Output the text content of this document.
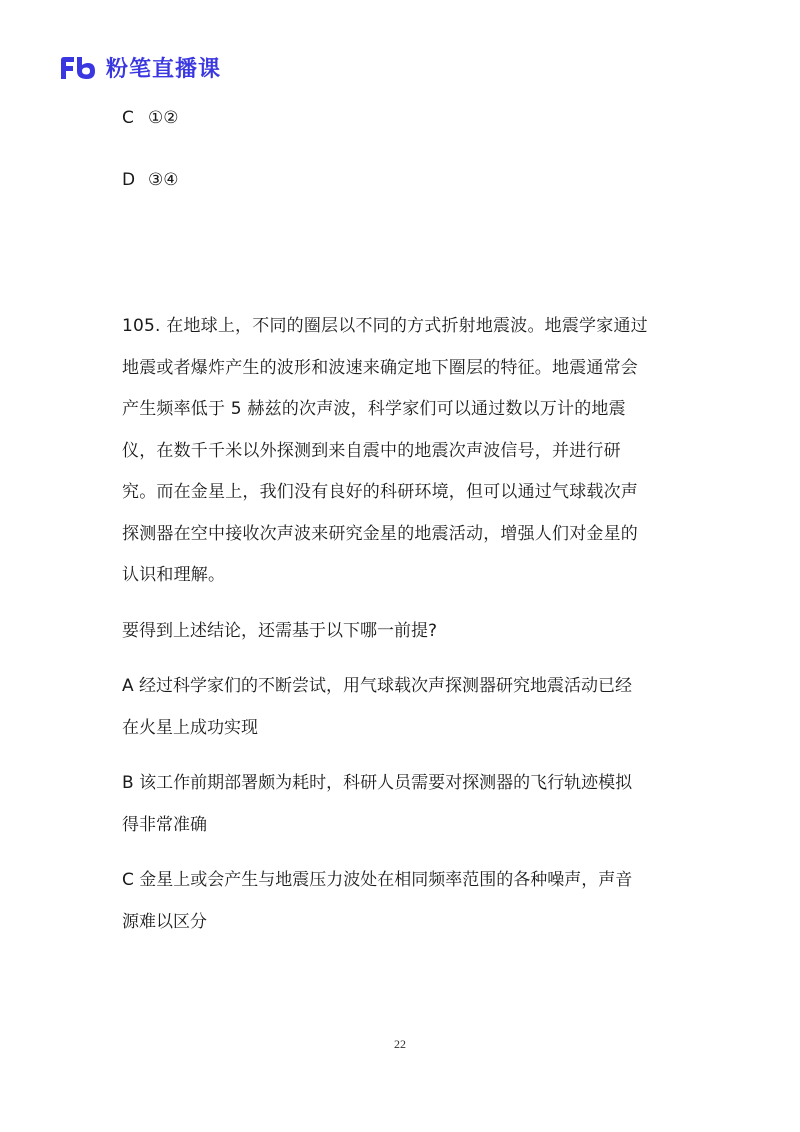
粉笔直播课
C ①②
D ③④

105. 在地球上，不同的圈层以不同的方式折射地震波。地震学家通过

地震或者爆炸产生的波形和波速来确定地下圈层的特征。地震通常会

产生频率低于 5 赫兹的次声波，科学家们可以通过数以万计的地震

仪，在数千千米以外探测到来自震中的地震次声波信号，并进行研

究。而在金星上，我们没有良好的科研环境，但可以通过气球载次声

探测器在空中接收次声波来研究金星的地震活动，增强人们对金星的

认识和理解。

要得到上述结论，还需基于以下哪一前提?

A 经过科学家们的不断尝试，用气球载次声探测器研究地震活动已经

在火星上成功实现

B 该工作前期部署颇为耗时，科研人员需要对探测器的飞行轨迹模拟

得非常准确

C 金星上或会产生与地震压力波处在相同频率范围的各种噪声，声音

源难以区分

22
